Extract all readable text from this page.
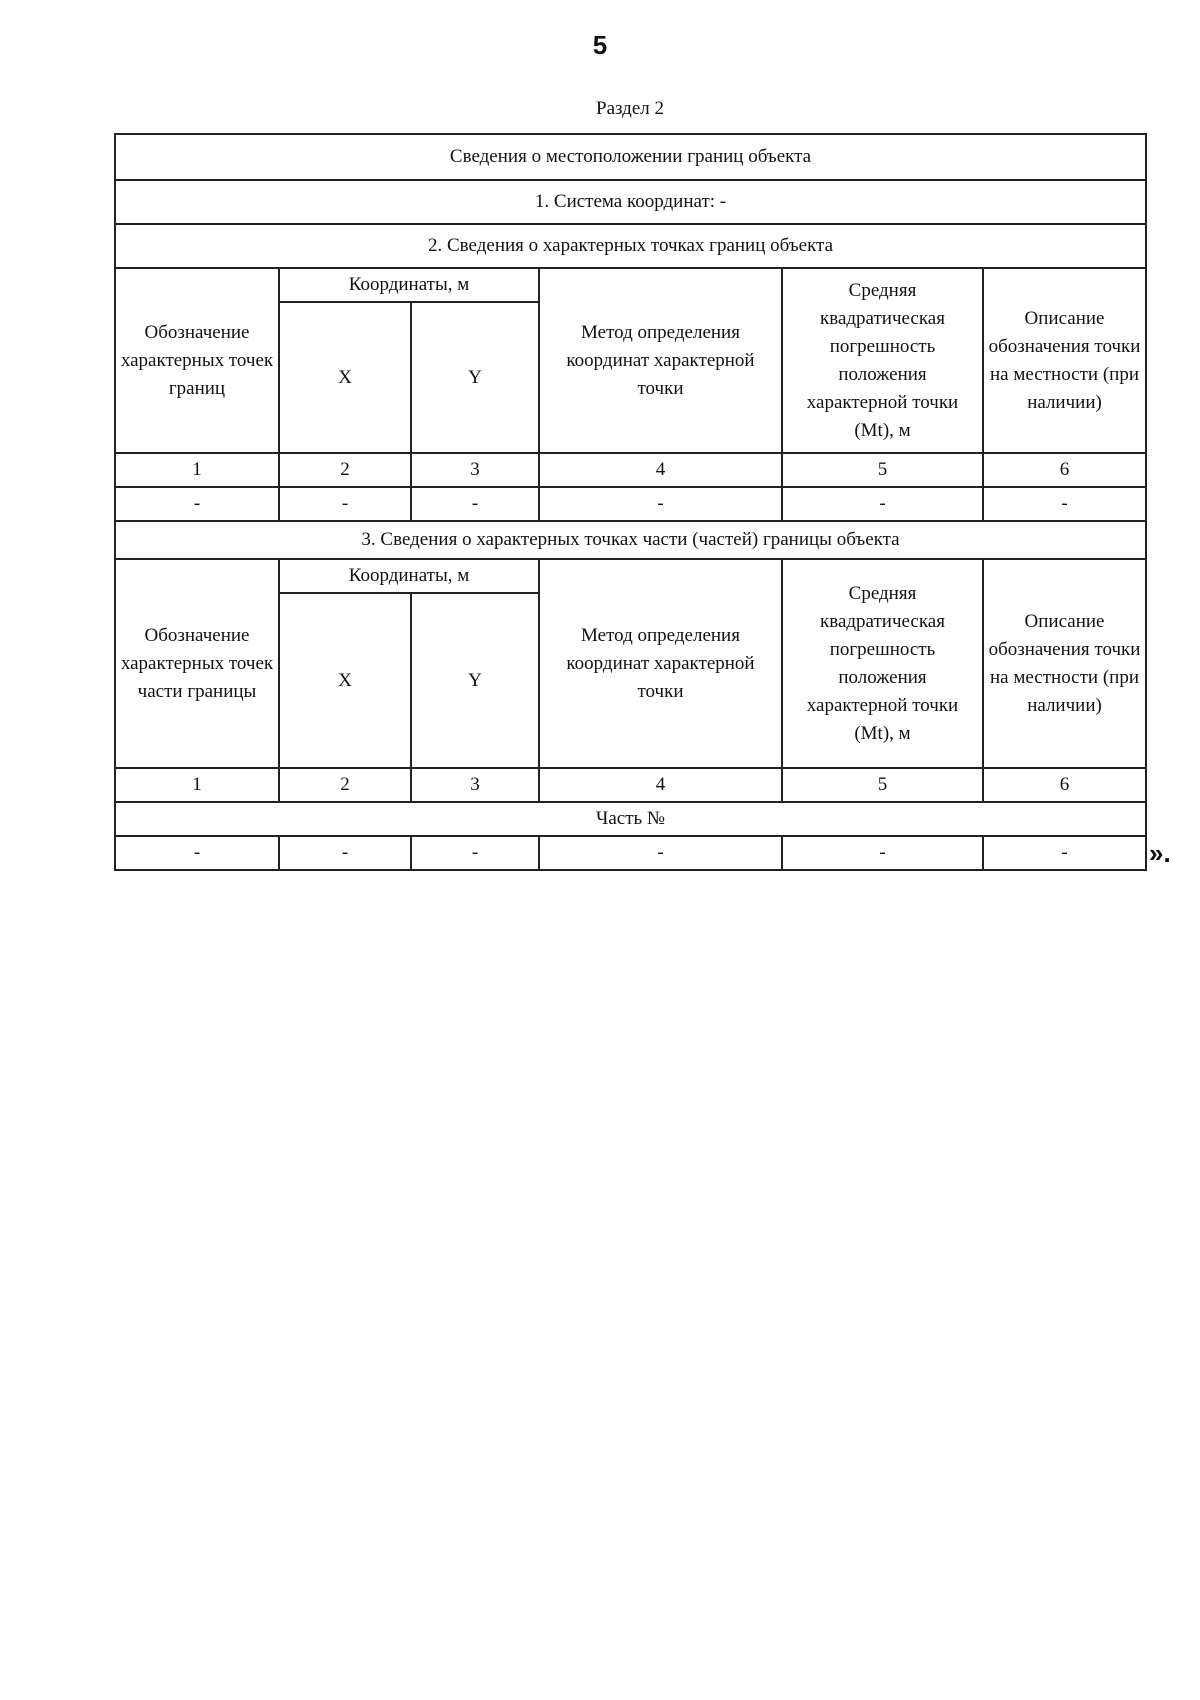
5
Раздел 2
Сведения о местоположении границ объекта					
1. Система координат: -					
2. Сведения о характерных точках границ объекта					
Обозначение характерных точек границ	Координаты, м		Метод определения координат характерной точки	Средняя квадратическая погрешность положения характерной точки (Mt), м	Описание обозначения точки на местности (при наличии)
	X	Y			
1	2	3	4	5	6
-	-	-	-	-	-
3. Сведения о характерных точках части (частей) границы объекта					
Обозначение характерных точек части границы	Координаты, м		Метод определения координат характерной точки	Средняя квадратическая погрешность положения характерной точки (Mt), м	Описание обозначения точки на местности (при наличии)
	X	Y			
1	2	3	4	5	6
Часть №					
-	-	-	-	-	-	».
